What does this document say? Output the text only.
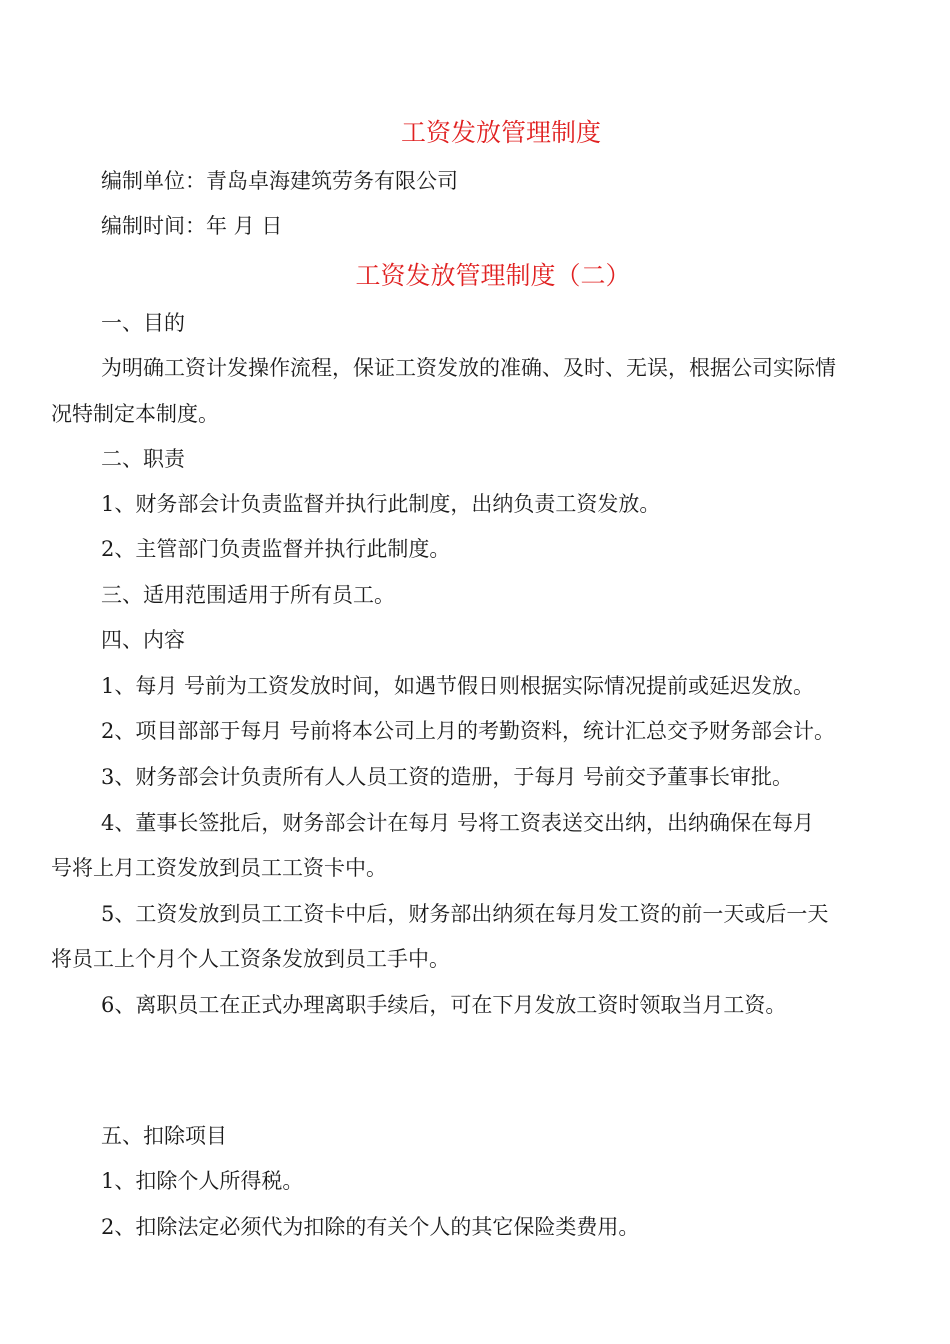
工资发放管理制度

编制单位：青岛卓海建筑劳务有限公司

编制时间：年 月 日

工资发放管理制度（二）

一、目的

为明确工资计发操作流程，保证工资发放的准确、及时、无误，根据公司实际情

况特制定本制度。

二、职责

1、财务部会计负责监督并执行此制度，出纳负责工资发放。

2、主管部门负责监督并执行此制度。

三、适用范围适用于所有员工。

四、内容

1、每月 号前为工资发放时间，如遇节假日则根据实际情况提前或延迟发放。

2、项目部部于每月 号前将本公司上月的考勤资料，统计汇总交予财务部会计。

3、财务部会计负责所有人人员工资的造册，于每月 号前交予董事长审批。

4、董事长签批后，财务部会计在每月 号将工资表送交出纳，出纳确保在每月

号将上月工资发放到员工工资卡中。

5、工资发放到员工工资卡中后，财务部出纳须在每月发工资的前一天或后一天

将员工上个月个人工资条发放到员工手中。

6、离职员工在正式办理离职手续后，可在下月发放工资时领取当月工资。

五、扣除项目

1、扣除个人所得税。

2、扣除法定必须代为扣除的有关个人的其它保险类费用。
